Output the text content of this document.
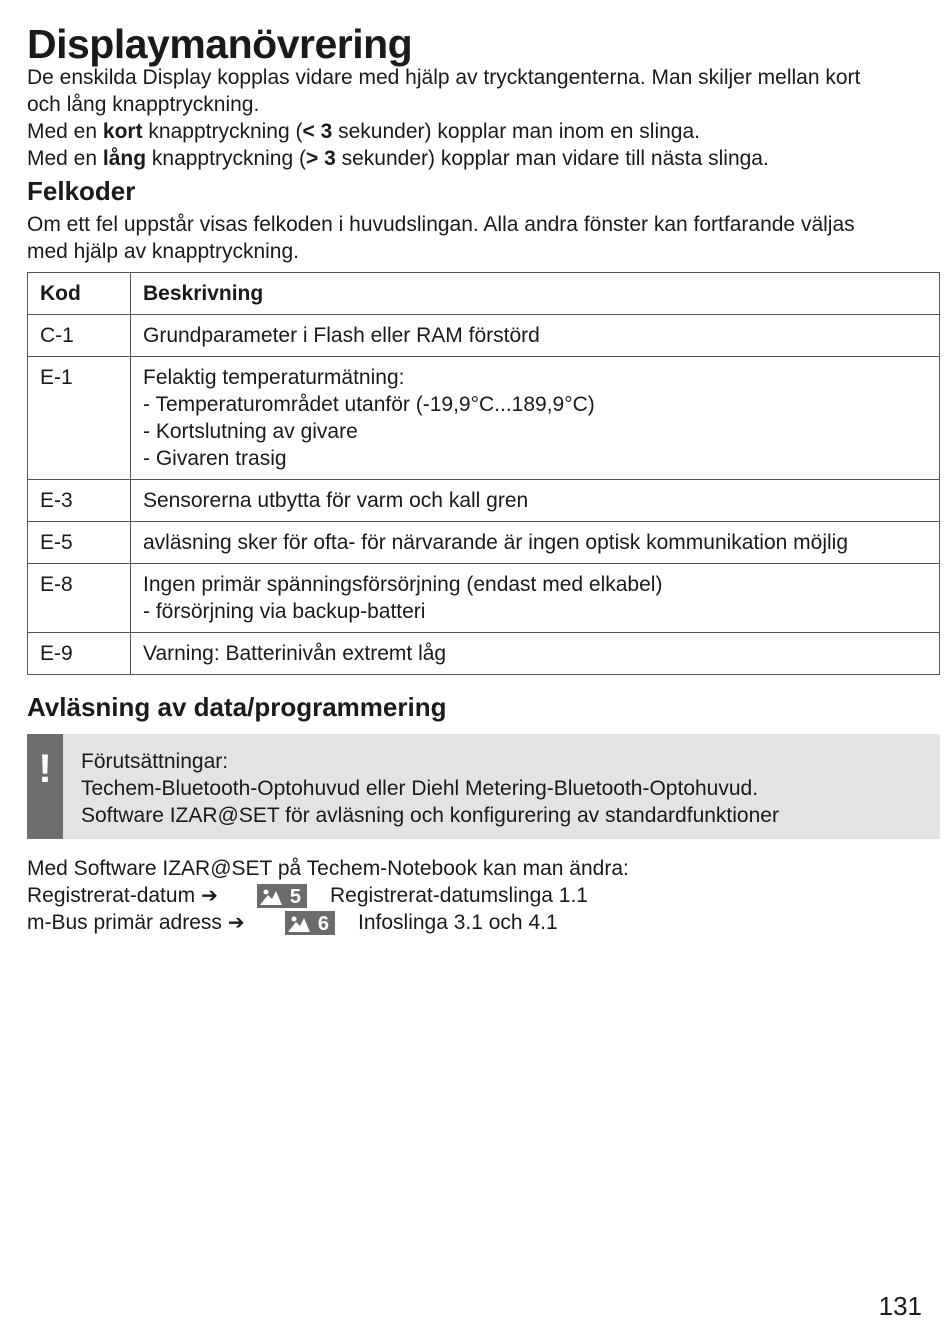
Displaymanövrering
De enskilda Display kopplas vidare med hjälp av trycktangenterna. Man skiljer mellan kort
och lång knapptryckning.
Med en kort knapptryckning (< 3 sekunder) kopplar man inom en slinga.
Med en lång knapptryckning (> 3 sekunder) kopplar man vidare till nästa slinga.
Felkoder
Om ett fel uppstår visas felkoden i huvudslingan. Alla andra fönster kan fortfarande väljas
med hjälp av knapptryckning.
Kod	Beskrivning
C-1	Grundparameter i Flash eller RAM förstörd

E-1	Felaktig temperaturmätning:
- Temperaturområdet utanför (-19,9°C...189,9°C)
- Kortslutning av givare
- Givaren trasig

E-3	Sensorerna utbytta för varm och kall gren

E-5	avläsning sker för ofta- för närvarande är ingen optisk kommunikation möjlig

E-8	Ingen primär spänningsförsörjning (endast med elkabel)
- försörjning via backup-batteri

E-9	Varning: Batterinivån extremt låg
Avläsning av data/programmering
!	Förutsättningar:
Techem-Bluetooth-Optohuvud eller Diehl Metering-Bluetooth-Optohuvud.
Software IZAR@SET för avläsning och konfigurering av standardfunktioner
Med Software IZAR@SET på Techem-Notebook kan man ändra:
Registrerat-datum ➔	5 Registrerat-datumslinga 1.1
m-Bus primär adress ➔	6 Infoslinga 3.1 och 4.1
131
